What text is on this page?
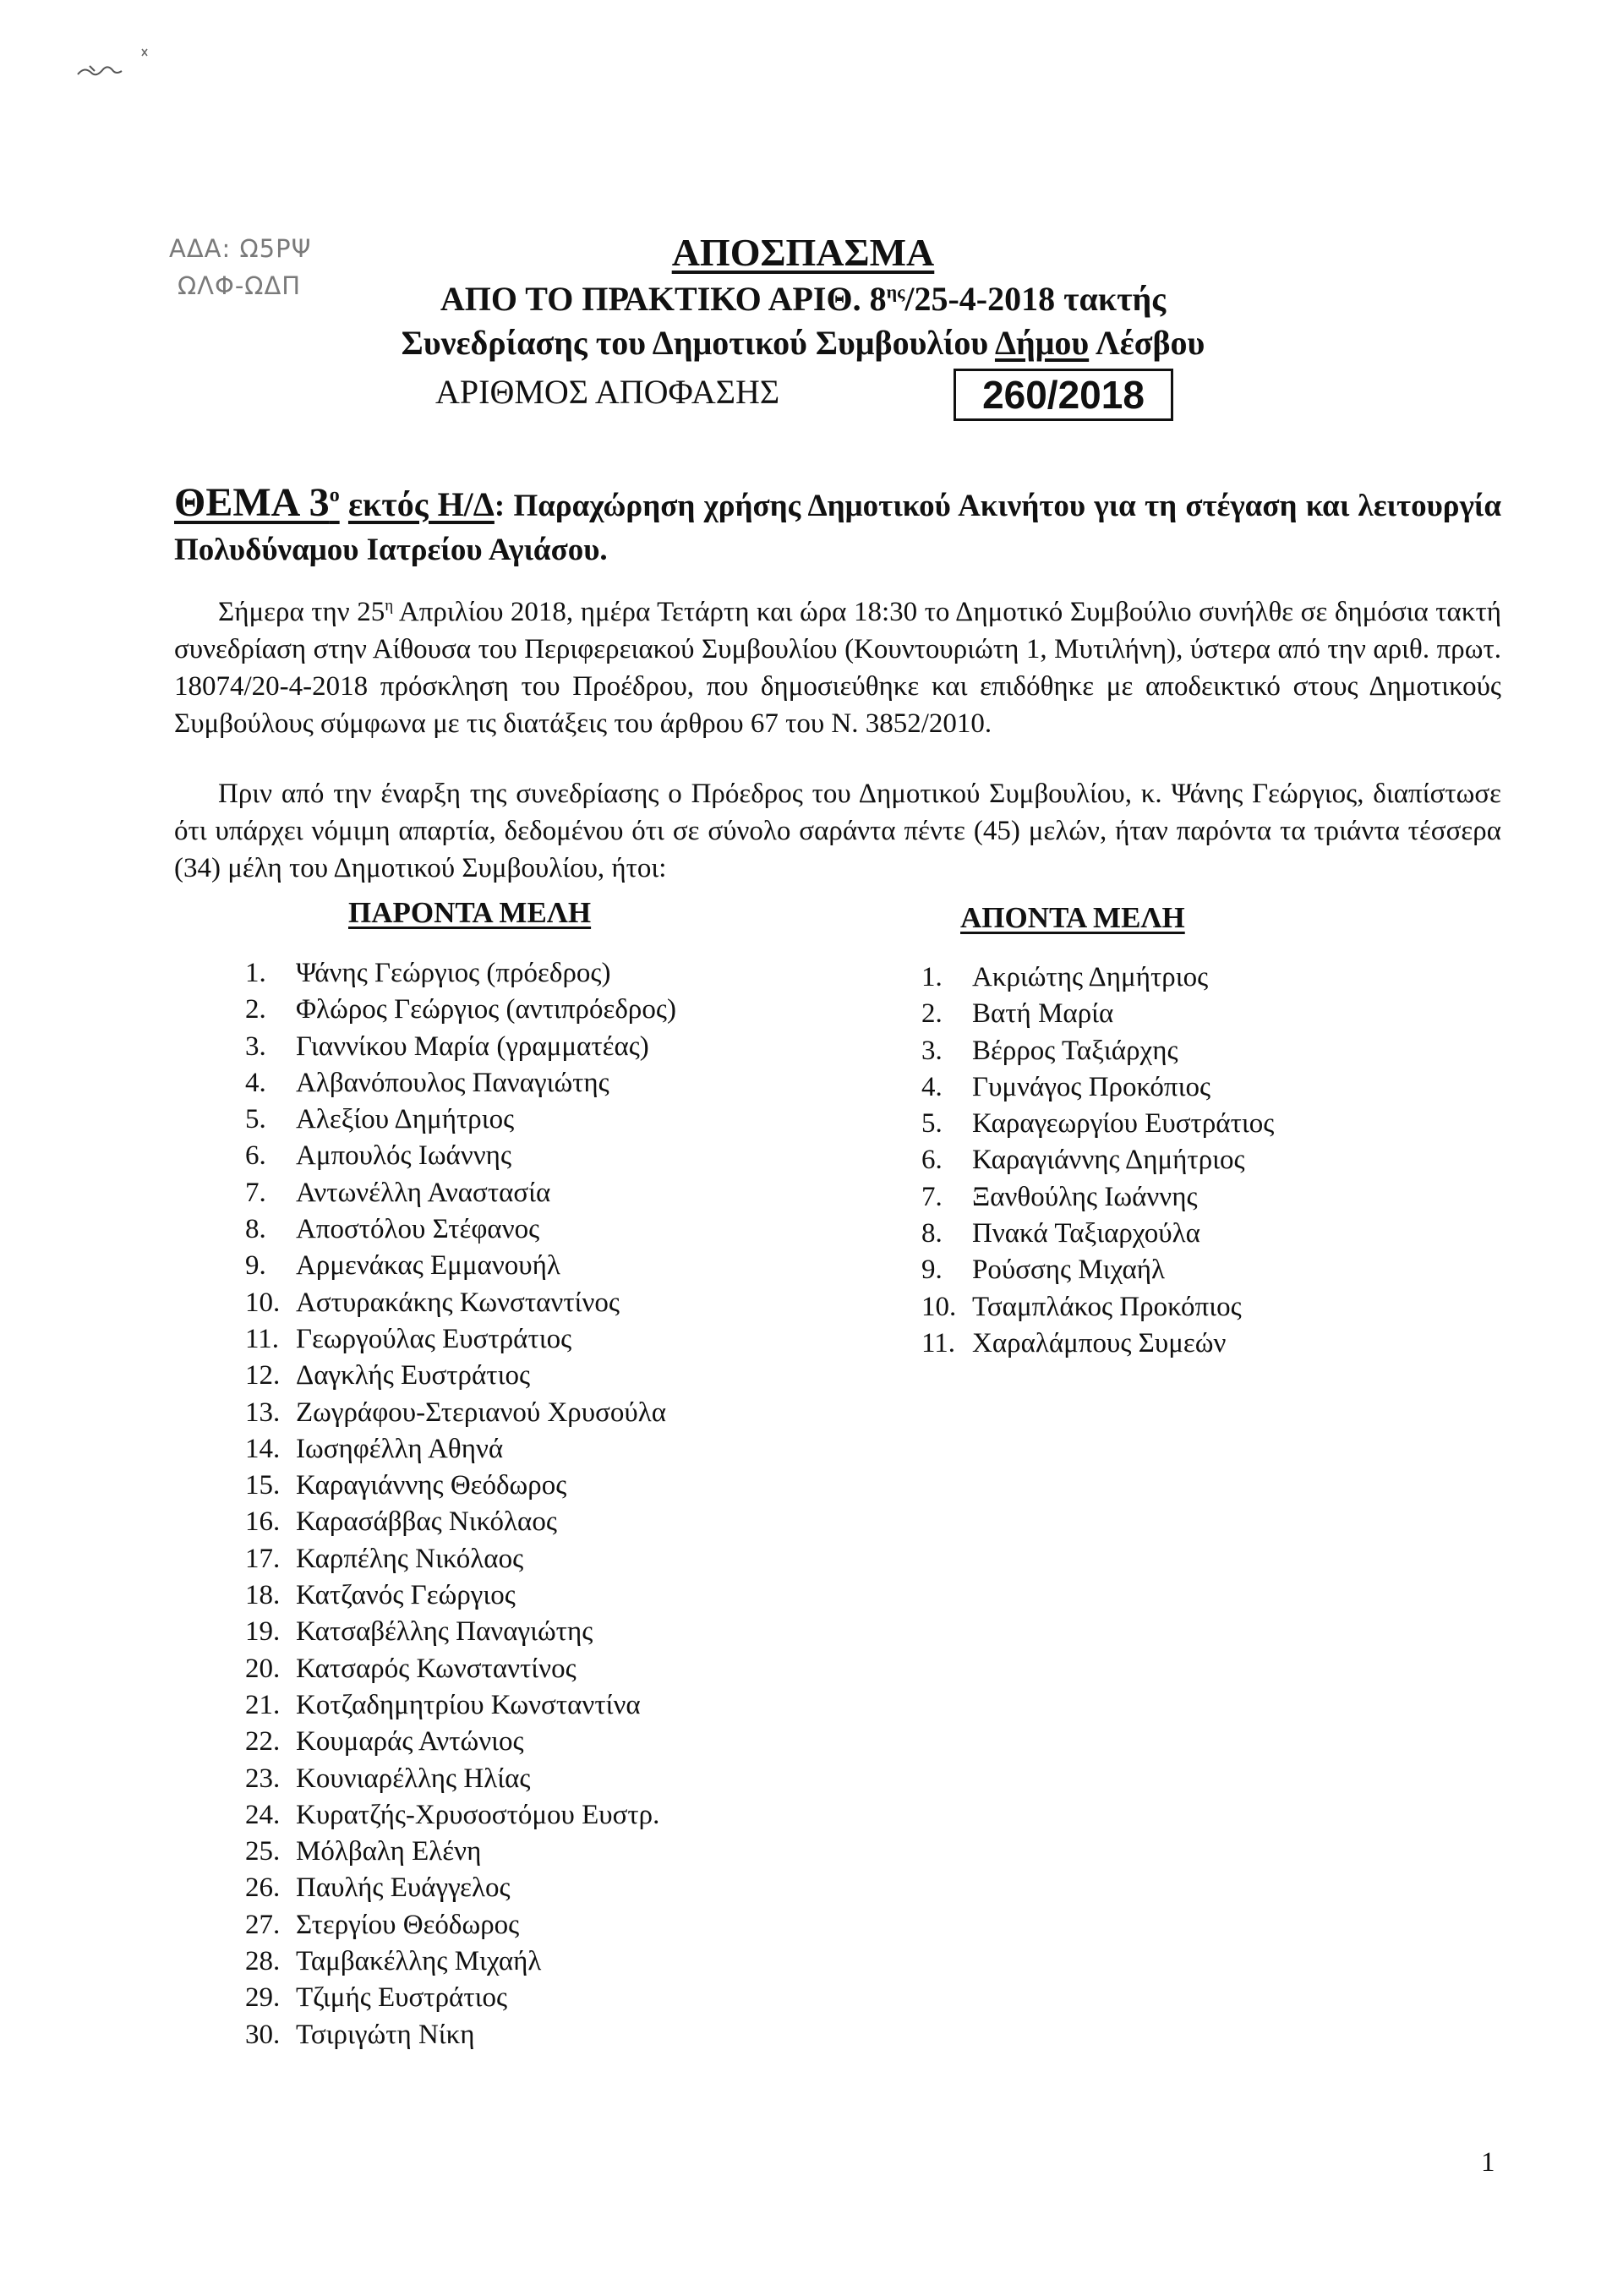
ΑΔΑ: Ω5ΡΨ
ΩΛΦ-ΩΔΠ
ΑΠΟΣΠΑΣΜΑ
ΑΠΟ ΤΟ ΠΡΑΚΤΙΚΟ ΑΡΙΘ. $8^{\eta\varsigma}/25-4-2018$ τακτής
Συνεδρίασης του Δημοτικού Συμβουλίου Δήμου Λέσβου
ΑΡΙΘΜΟΣ ΑΠΟΦΑΣΗΣ	260/2018
ΘΕΜΑ $3^o$ εκτός Η/Δ: Παραχώρηση χρήσης Δημοτικού Ακινήτου για τη στέγαση και λειτουργία Πολυδύναμου Ιατρείου Αγιάσου.
Σήμερα την $25^\eta$ Απριλίου 2018, ημέρα Τετάρτη και ώρα 18:30 το Δημοτικό Συμβούλιο συνήλθε σε δημόσια τακτή συνεδρίαση στην Αίθουσα του Περιφερειακού Συμβουλίου (Κουντουριώτη 1, Μυτιλήνη), ύστερα από την αριθ. πρωτ. 18074/20-4-2018 πρόσκληση του Προέδρου, που δημοσιεύθηκε και επιδόθηκε με αποδεικτικό στους Δημοτικούς Συμβούλους σύμφωνα με τις διατάξεις του άρθρου 67 του Ν. 3852/2010.
Πριν από την έναρξη της συνεδρίασης ο Πρόεδρος του Δημοτικού Συμβουλίου, κ. Ψάνης Γεώργιος, διαπίστωσε ότι υπάρχει νόμιμη απαρτία, δεδομένου ότι σε σύνολο σαράντα πέντε (45) μελών, ήταν παρόντα τα τριάντα τέσσερα (34) μέλη του Δημοτικού Συμβουλίου, ήτοι:
ΠΑΡΟΝΤΑ ΜΕΛΗ	ΑΠΟΝΤΑ ΜΕΛΗ
1. Ψάνης Γεώργιος (πρόεδρος)
2. Φλώρος Γεώργιος (αντιπρόεδρος)
3. Γιαννίκου Μαρία (γραμματέας)
4. Αλβανόπουλος Παναγιώτης
5. Αλεξίου Δημήτριος
6. Αμπουλός Ιωάννης
7. Αντωνέλλη Αναστασία
8. Αποστόλου Στέφανος
9. Αρμενάκας Εμμανουήλ
10. Αστυρακάκης Κωνσταντίνος
11. Γεωργούλας Ευστράτιος
12. Δαγκλής Ευστράτιος
13. Ζωγράφου-Στεριανού Χρυσούλα
14. Ιωσηφέλλη Αθηνά
15. Καραγιάννης Θεόδωρος
16. Καρασάββας Νικόλαος
17. Καρπέλης Νικόλαος
18. Κατζανός Γεώργιος
19. Κατσαβέλλης Παναγιώτης
20. Κατσαρός Κωνσταντίνος
21. Κοτζαδημητρίου Κωνσταντίνα
22. Κουμαράς Αντώνιος
23. Κουνιαρέλλης Ηλίας
24. Κυρατζής-Χρυσοστόμου Ευστρ.
25. Μόλβαλη Ελένη
26. Παυλής Ευάγγελος
27. Στεργίου Θεόδωρος
28. Ταμβακέλλης Μιχαήλ
29. Τζιμής Ευστράτιος
30. Τσιριγώτη Νίκη
1. Ακριώτης Δημήτριος
2. Βατή Μαρία
3. Βέρρος Ταξιάρχης
4. Γυμνάγος Προκόπιος
5. Καραγεωργίου Ευστράτιος
6. Καραγιάννης Δημήτριος
7. Ξανθούλης Ιωάννης
8. Πνακά Ταξιαρχούλα
9. Ρούσσης Μιχαήλ
10. Τσαμπλάκος Προκόπιος
11. Χαραλάμπους Συμεών
1
